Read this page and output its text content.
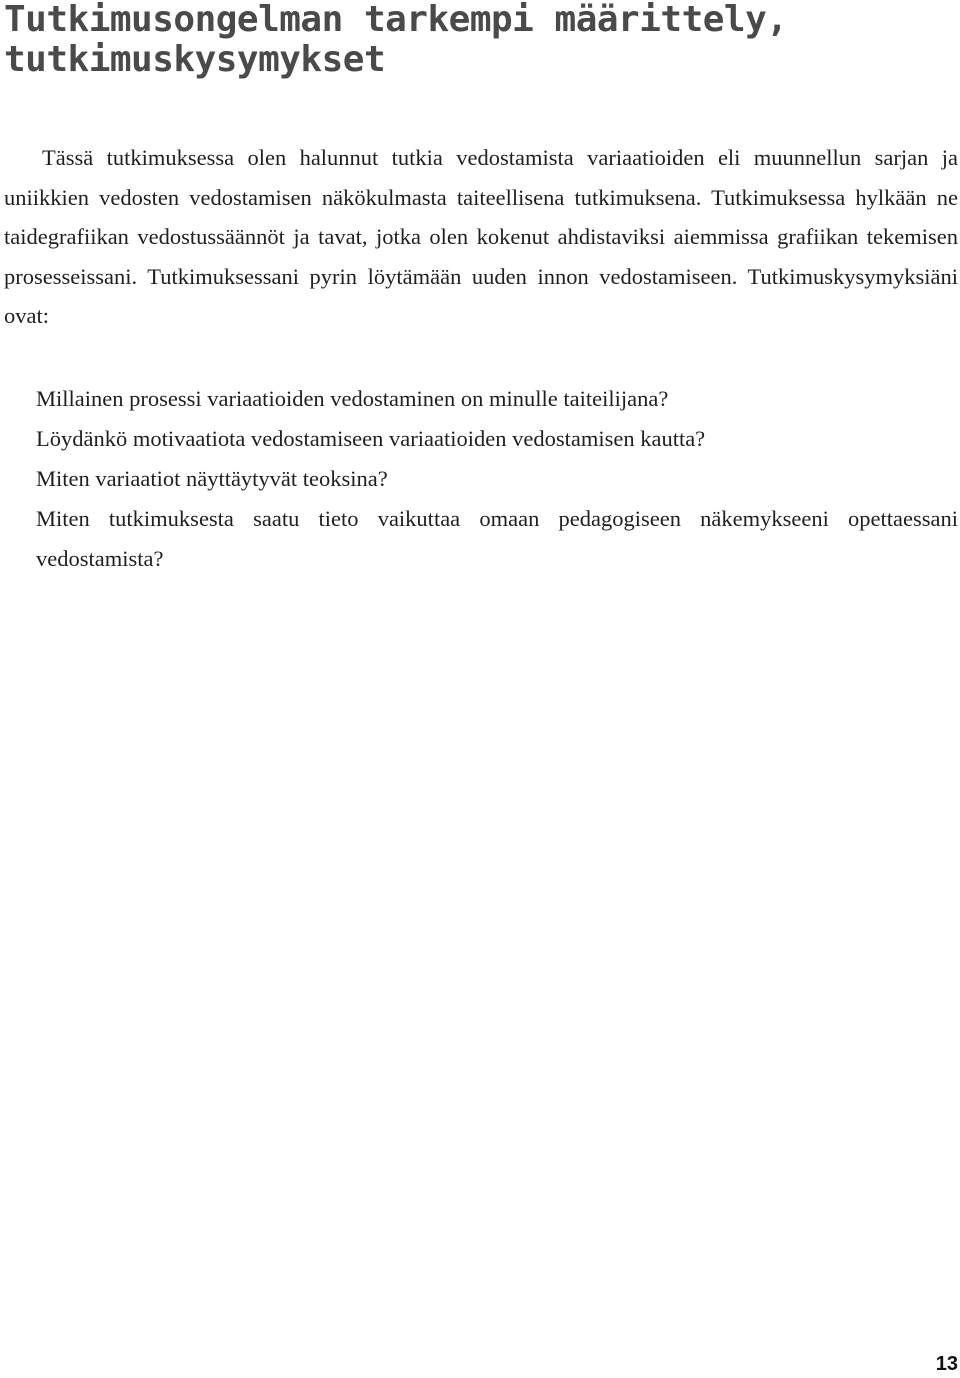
Tutkimusongelman tarkempi määrittely,
tutkimuskysymykset

Tässä tutkimuksessa olen halunnut tutkia vedostamista variaatioiden eli muunnellun sarjan ja uniikkien vedosten vedostamisen näkökulmasta taiteellisena tutkimuksena. Tutkimuksessa hylkään ne taidegrafiikan vedostussäännöt ja tavat, jotka olen kokenut ahdistaviksi aiemmissa grafiikan tekemisen prosesseissani. Tutkimuksessani pyrin löytämään uuden innon vedostamiseen. Tutkimuskysymyksiäni ovat:

Millainen prosessi variaatioiden vedostaminen on minulle taiteilijana?
Löydänkö motivaatiota vedostamiseen variaatioiden vedostamisen kautta?
Miten variaatiot näyttäytyvät teoksina?
Miten tutkimuksesta saatu tieto vaikuttaa omaan pedagogiseen näkemykseeni opettaessani vedostamista?
13
